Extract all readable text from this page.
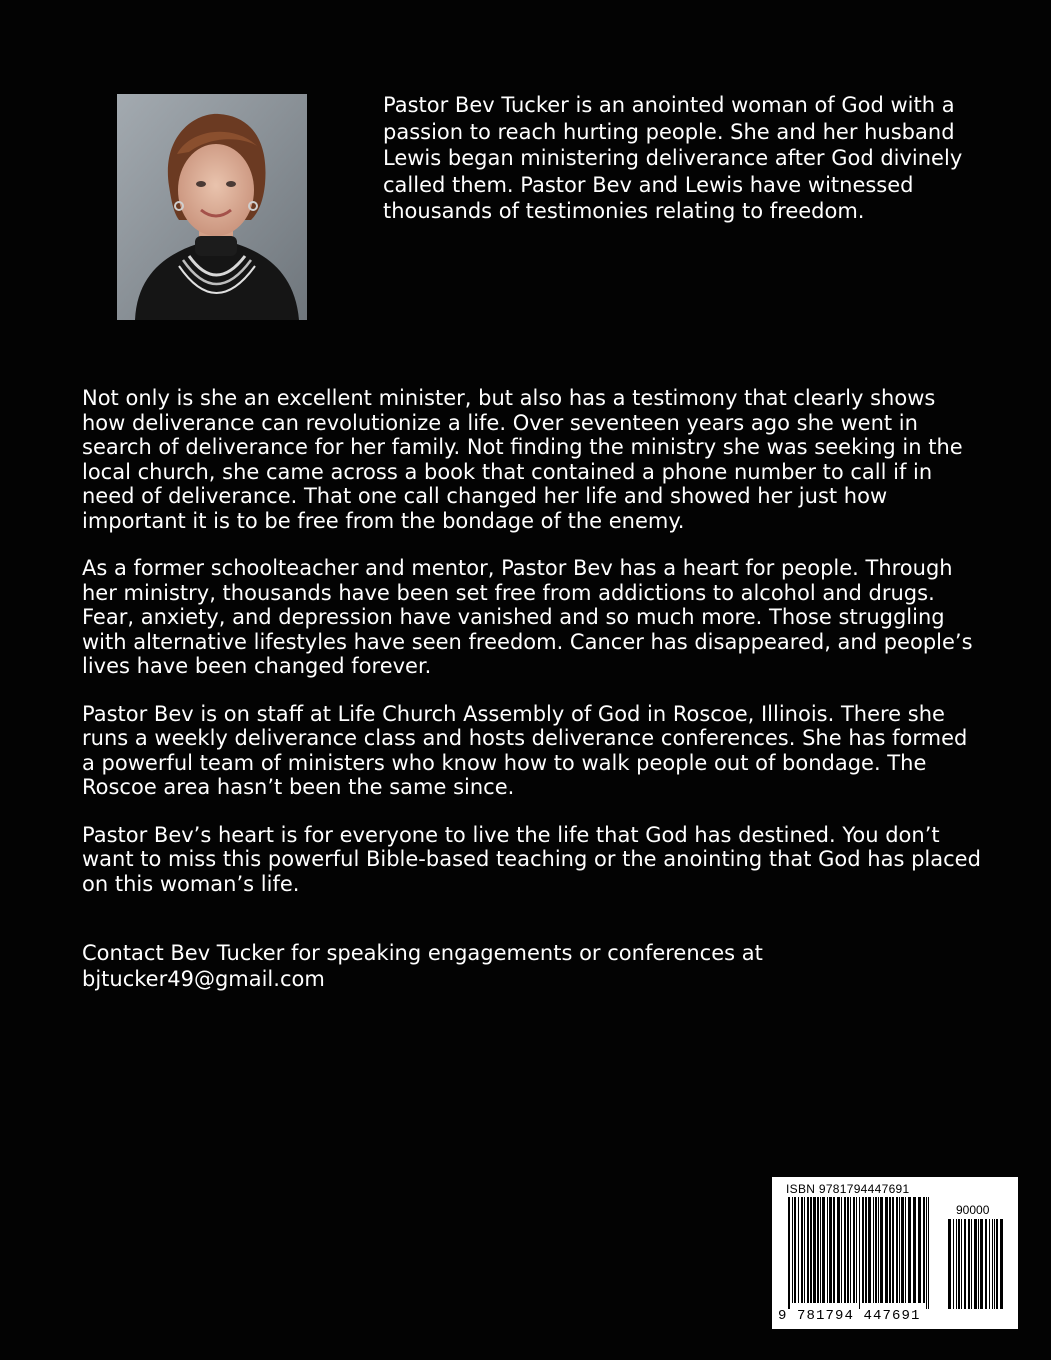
Pastor Bev Tucker is an anointed woman of God with a passion to reach hurting people. She and her husband Lewis began ministering deliverance after God divinely called them. Pastor Bev and Lewis have witnessed thousands of testimonies relating to freedom.

Not only is she an excellent minister, but also has a testimony that clearly shows how deliverance can revolutionize a life. Over seventeen years ago she went in search of deliverance for her family. Not finding the ministry she was seeking in the local church, she came across a book that contained a phone number to call if in need of deliverance. That one call changed her life and showed her just how important it is to be free from the bondage of the enemy.

As a former schoolteacher and mentor, Pastor Bev has a heart for people. Through her ministry, thousands have been set free from addictions to alcohol and drugs. Fear, anxiety, and depression have vanished and so much more. Those struggling with alternative lifestyles have seen freedom. Cancer has disappeared, and people’s lives have been changed forever.

Pastor Bev is on staff at Life Church Assembly of God in Roscoe, Illinois. There she runs a weekly deliverance class and hosts deliverance conferences. She has formed a powerful team of ministers who know how to walk people out of bondage. The Roscoe area hasn’t been the same since.

Pastor Bev’s heart is for everyone to live the life that God has destined. You don’t want to miss this powerful Bible-based teaching or the anointing that God has placed on this woman’s life.

Contact Bev Tucker for speaking engagements or conferences at
bjtucker49@gmail.com
ISBN 9781794447691
90000
9 781794 447691
